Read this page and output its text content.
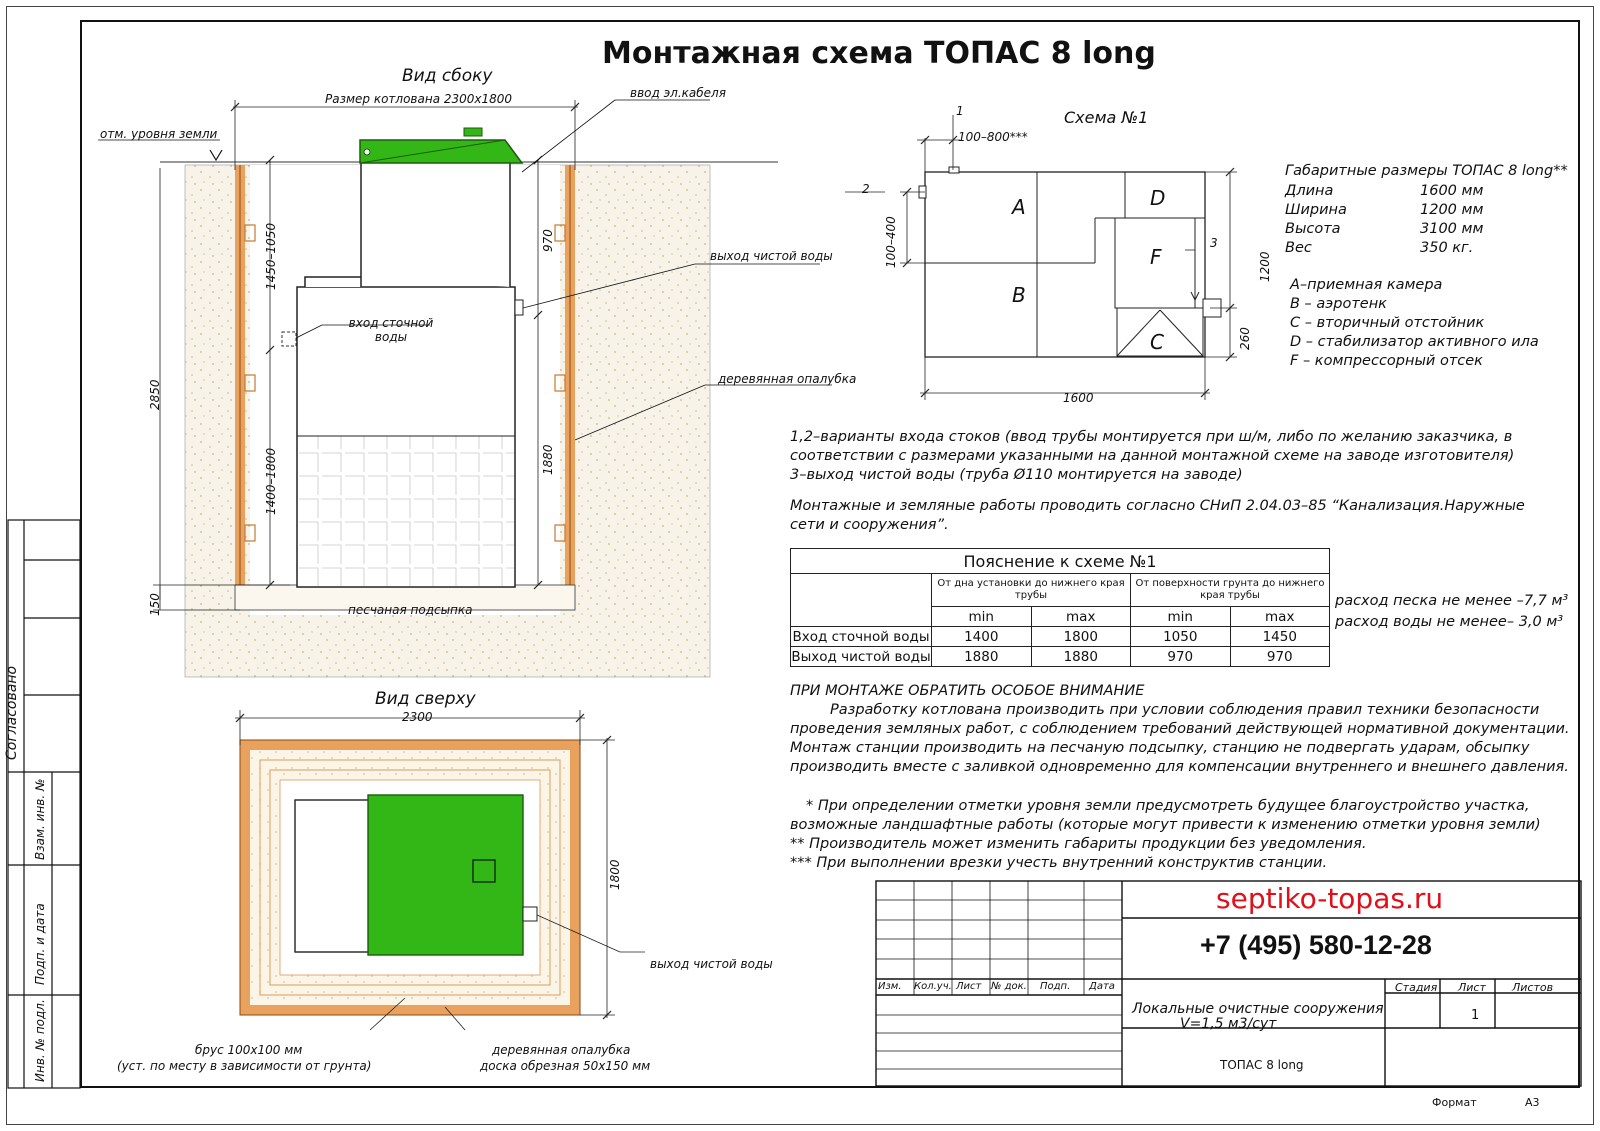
Согласовано
Взам. инв. №
Подп. и дата
Инв. № подл.
Монтажная схема ТОПАС 8 long
Вид сбоку
Размер котлована 2300х1800
отм. уровня земли
ввод эл.кабеля
выход чистой воды
вход сточной воды
деревянная опалубка
песчаная подсыпка
2850
1450–1050
1400–1800
970
1880
150
Вид сверху
2300
1800
выход чистой воды
брус 100х100 мм
(уст. по месту в зависимости от грунта)
деревянная опалубка
доска обрезная 50х150 мм
Схема №1
1
2
3
100–800***
100–400	1200
260
1600
A
B
D
F
C
Габаритные размеры ТОПАС 8 long**
Длина	1600 мм
Ширина	1200 мм
Высота	3100 мм
Вес	350 кг.
A–приемная камера
B – аэротенк
C – вторичный отстойник
D – стабилизатор активного ила
F – компрессорный отсек
1,2–варианты входа стоков (ввод трубы монтируется при ш/м, либо по желанию заказчика, в
соответствии с размерами указанными на данной монтажной схеме на заводе изготовителя)
3–выход чистой воды (труба Ø110 монтируется на заводе)
Монтажные и земляные работы проводить согласно СНиП 2.04.03–85 “Канализация.Наружные
сети и сооружения”.
Пояснение к схеме №1				
	От дна установки до нижнего края трубы		От поверхности грунта до нижнего края трубы	
	min	max	min	max
Вход сточной воды	1400	1800	1050	1450
Выход чистой воды	1880	1880	970	970
расход песка не менее –7,7 м³
расход воды не менее– 3,0 м³
ПРИ МОНТАЖЕ ОБРАТИТЬ ОСОБОЕ ВНИМАНИЕ
Разработку котлована производить при условии соблюдения правил техники безопасности
проведения земляных работ, с соблюдением требований действующей нормативной документации.
Монтаж станции производить на песчаную подсыпку, станцию не подвергать ударам, обсыпку
производить вместе с заливкой одновременно для компенсации внутреннего и внешнего давления.
* При определении отметки уровня земли предусмотреть будущее благоустройство участка,
возможные ландшафтные работы (которые могут привести к изменению отметки уровня земли)
** Производитель может изменить габариты продукции без уведомления.
*** При выполнении врезки учесть внутренний конструктив станции.
septiko-topas.ru
+7 (495) 580-12-28
Изм. Кол.уч. Лист № док. Подп. Дата	Стадия Лист Листов
1
Локальные очистные сооружения
V=1,5 м3/сут
ТОПАС 8 long
Формат	А3
